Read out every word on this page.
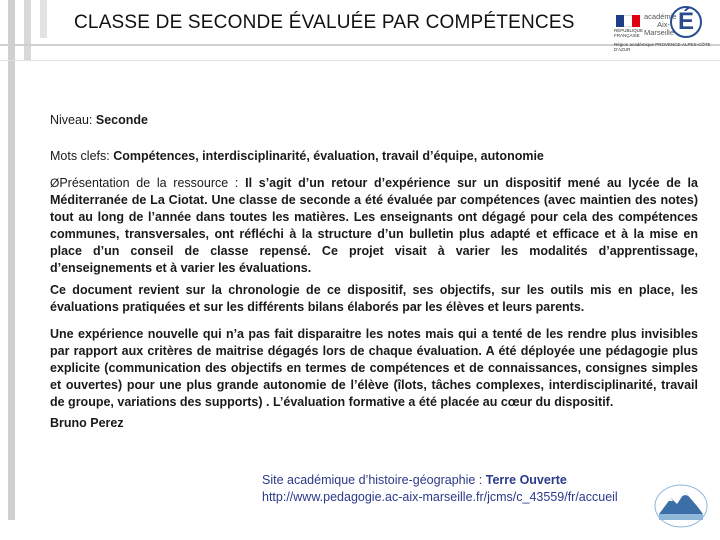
CLASSE DE SECONDE ÉVALUÉE PAR COMPÉTENCES	RÉPUBLIQUE FRANÇAISE
académie Aix-Marseille É
Région académique PROVENCE-ALPES-CÔTE D'AZUR

Niveau: Seconde

Mots clefs: Compétences, interdisciplinarité, évaluation, travail d’équipe, autonomie

ØPrésentation de la ressource : Il s’agit d’un retour d’expérience sur un dispositif mené au lycée de la Méditerranée de La Ciotat. Une classe de seconde a été évaluée par compétences (avec maintien des notes) tout au long de l’année dans toutes les matières. Les enseignants ont dégagé pour cela des compétences communes, transversales, ont réfléchi à la structure d’un bulletin plus adapté et efficace et à la mise en place d’un conseil de classe repensé. Ce projet visait à varier les modalités d’apprentissage, d’enseignements et à varier les évaluations.

Ce document revient sur la chronologie de ce dispositif, ses objectifs, sur les outils mis en place, les évaluations pratiquées et sur les différents bilans élaborés par les élèves et leurs parents.

Une expérience nouvelle qui n’a pas fait disparaitre les notes mais qui a tenté de les rendre plus invisibles par rapport aux critères de maitrise dégagés lors de chaque évaluation. A été déployée une pédagogie plus explicite (communication des objectifs en termes de compétences et de connaissances, consignes simples et ouvertes) pour une plus grande autonomie de l’élève (îlots, tâches complexes, interdisciplinarité, travail de groupe, variations des supports) . L’évaluation formative a été placée au cœur du dispositif.

Bruno Perez

Site académique d’histoire-géographie : Terre Ouverte
http://www.pedagogie.ac-aix-marseille.fr/jcms/c_43559/fr/accueil
